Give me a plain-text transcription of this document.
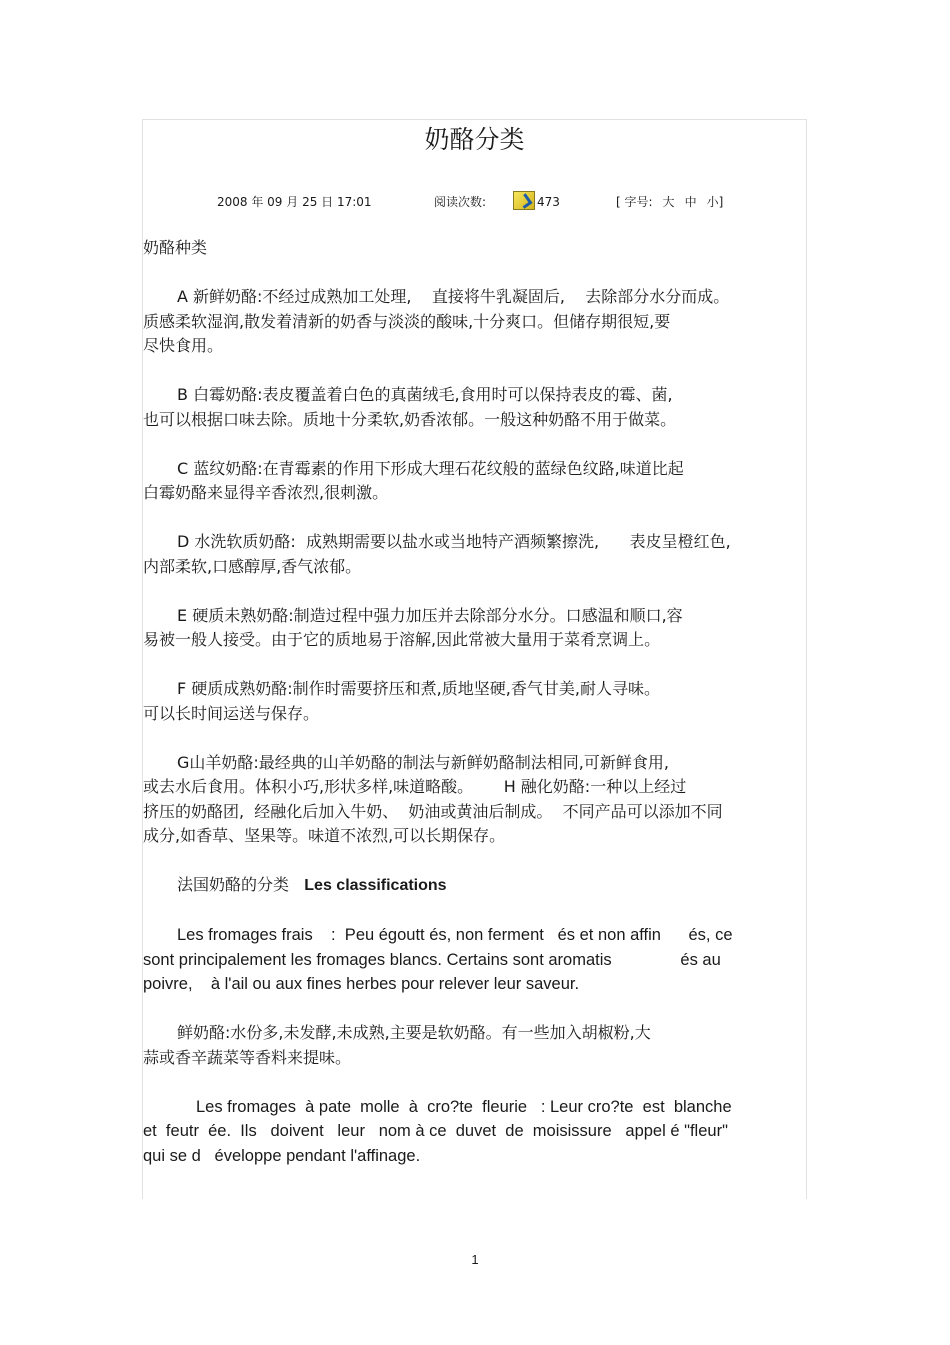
奶酪分类
2008 年 09 月 25 日 17:01	阅读次数:	473	[ 字号: 大 中 小]

奶酪种类

A 新鲜奶酪:不经过成熟加工处理,    直接将牛乳凝固后,    去除部分水分而成。

质感柔软湿润,散发着清新的奶香与淡淡的酸味,十分爽口。但储存期很短,要

尽快食用。

B 白霉奶酪:表皮覆盖着白色的真菌绒毛,食用时可以保持表皮的霉、菌,

也可以根据口味去除。质地十分柔软,奶香浓郁。一般这种奶酪不用于做菜。

C 蓝纹奶酪:在青霉素的作用下形成大理石花纹般的蓝绿色纹路,味道比起

白霉奶酪来显得辛香浓烈,很刺激。

D 水洗软质奶酪:  成熟期需要以盐水或当地特产酒频繁擦洗,      表皮呈橙红色,

内部柔软,口感醇厚,香气浓郁。

E 硬质未熟奶酪:制造过程中强力加压并去除部分水分。口感温和顺口,容

易被一般人接受。由于它的质地易于溶解,因此常被大量用于菜肴烹调上。

F 硬质成熟奶酪:制作时需要挤压和煮,质地坚硬,香气甘美,耐人寻味。

可以长时间运送与保存。

G山羊奶酪:最经典的山羊奶酪的制法与新鲜奶酪制法相同,可新鲜食用,

或去水后食用。体积小巧,形状多样,味道略酸。      H 融化奶酪:一种以上经过

挤压的奶酪团,  经融化后加入牛奶、  奶油或黄油后制成。  不同产品可以添加不同

成分,如香草、坚果等。味道不浓烈,可以长期保存。

法国奶酪的分类 Les classifications

Les fromages frais    :  Peu égoutt és, non ferment   és et non affin      és, ce

sont principalement les fromages blancs. Certains sont aromatis               és au

poivre,    à l'ail ou aux fines herbes pour relever leur saveur.

鲜奶酪:水份多,未发酵,未成熟,主要是软奶酪。有一些加入胡椒粉,大

蒜或香辛蔬菜等香料来提味。

Les fromages  à pate  molle  à  cro?te  fleurie   : Leur cro?te  est  blanche

et  feutr  ée.  Ils   doivent   leur   nom à ce  duvet  de  moisissure   appel é "fleur"

qui se d   éveloppe pendant l'affinage.

1
